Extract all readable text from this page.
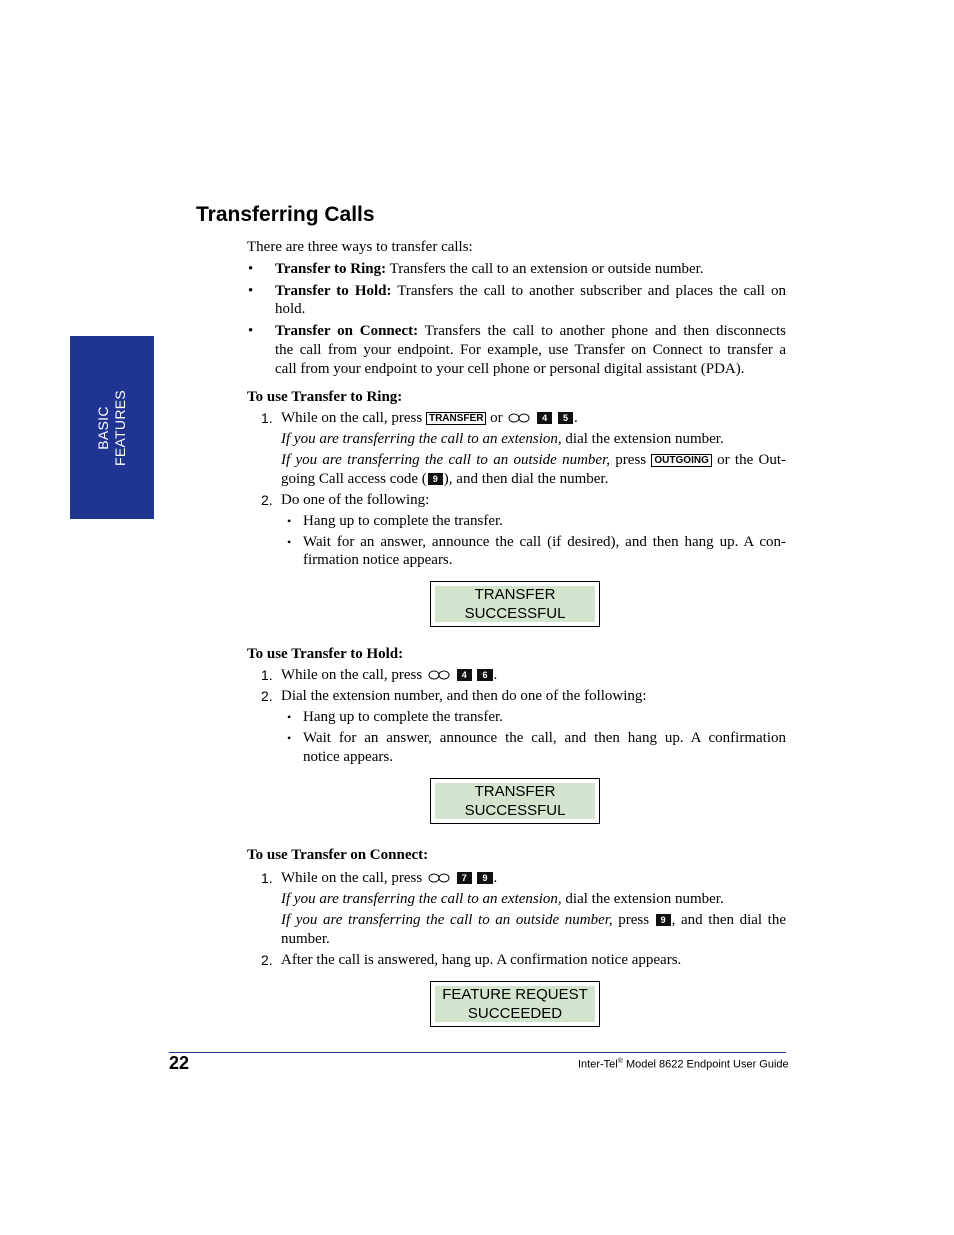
BASIC FEATURES
Transferring Calls
There are three ways to transfer calls:
• Transfer to Ring: Transfers the call to an extension or outside number.
• Transfer to Hold: Transfers the call to another subscriber and places the call on
hold.
• Transfer on Connect: Transfers the call to another phone and then disconnects
the call from your endpoint. For example, use Transfer on Connect to transfer a
call from your endpoint to your cell phone or personal digital assistant (PDA).
To use Transfer to Ring:
1. While on the call, press TRANSFER or	4 5 .
If you are transferring the call to an extension, dial the extension number.
If you are transferring the call to an outside number, press OUTGOING or the Out-
going Call access code ( 9 ), and then dial the number.
2. Do one of the following:
• Hang up to complete the transfer.
• Wait for an answer, announce the call (if desired), and then hang up. A con-
firmation notice appears.
TRANSFER
SUCCESSFUL
To use Transfer to Hold:
1. While on the call, press	4 6 .
2. Dial the extension number, and then do one of the following:
• Hang up to complete the transfer.
• Wait for an answer, announce the call, and then hang up. A confirmation
notice appears.
TRANSFER
SUCCESSFUL
To use Transfer on Connect:
1. While on the call, press	7 9 .
If you are transferring the call to an extension, dial the extension number.
If you are transferring the call to an outside number, press 9 , and then dial the
number.
2. After the call is answered, hang up. A confirmation notice appears.
FEATURE REQUEST
SUCCEEDED
22	Inter-Tel® Model 8622 Endpoint User Guide
